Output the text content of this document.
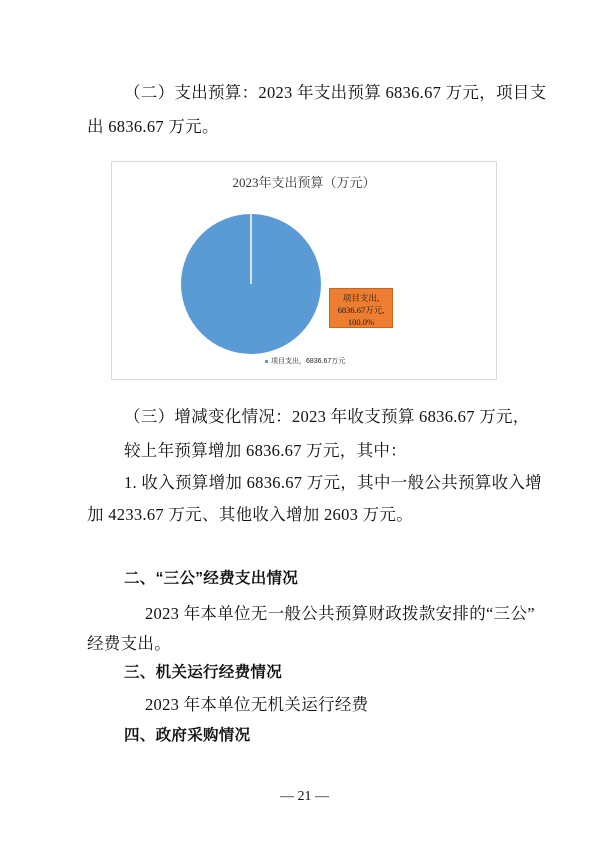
（二）支出预算：2023 年支出预算 6836.67 万元，项目支
出 6836.67 万元。
2023年支出预算（万元）
项目支出,
6836.67万元,
100.0%
项目支出，6836.67万元
（三）增减变化情况：2023 年收支预算 6836.67 万元，
较上年预算增加 6836.67 万元，其中：
1. 收入预算增加 6836.67 万元，其中一般公共预算收入增
加 4233.67 万元、其他收入增加 2603 万元。
二、“三公”经费支出情况
2023 年本单位无一般公共预算财政拨款安排的“三公”
经费支出。
三、机关运行经费情况
2023 年本单位无机关运行经费
四、政府采购情况
— 21 —
